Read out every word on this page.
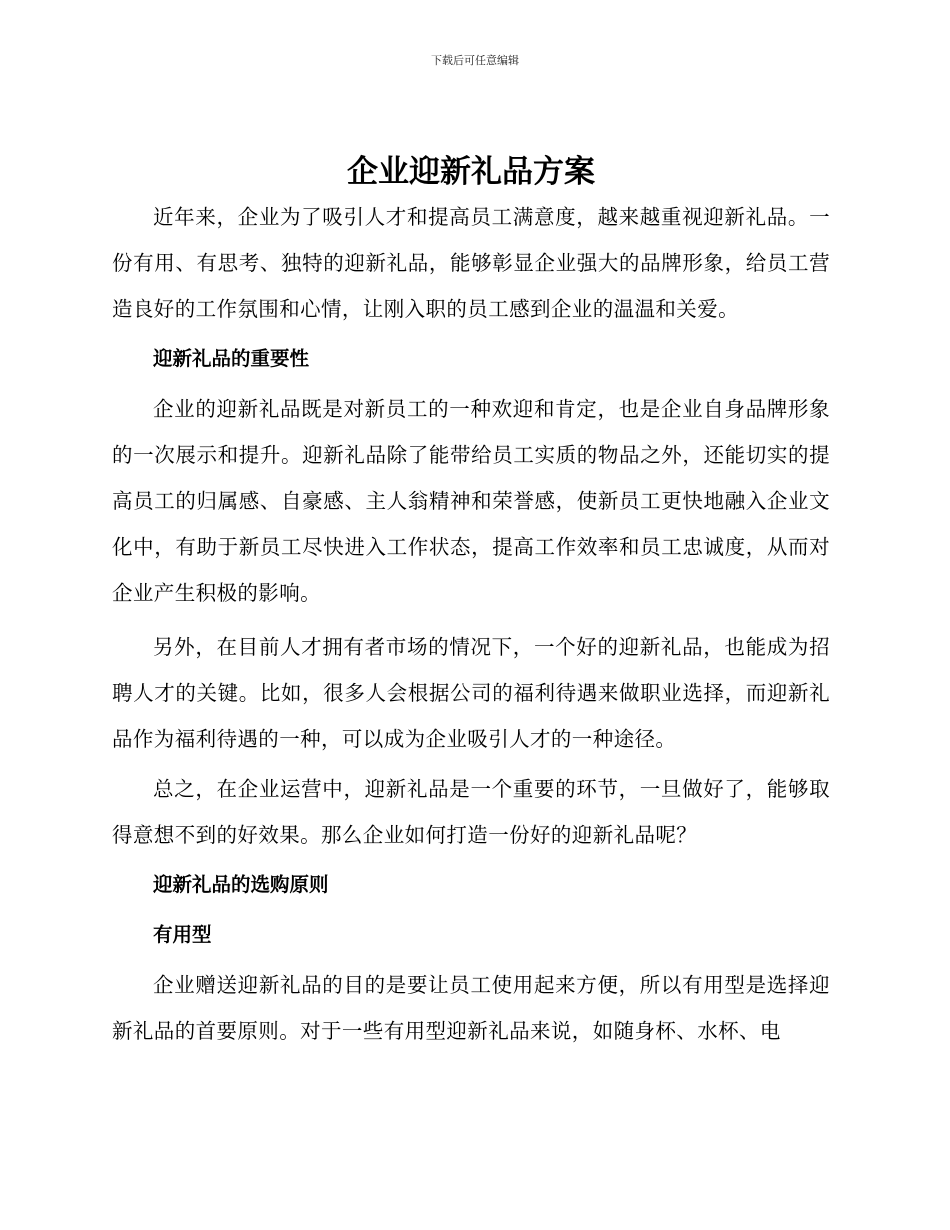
下载后可任意编辑
企业迎新礼品方案

近年来，企业为了吸引人才和提高员工满意度，越来越重视迎新礼品。一份有用、有思考、独特的迎新礼品，能够彰显企业强大的品牌形象，给员工营造良好的工作氛围和心情，让刚入职的员工感到企业的温温和关爱。

迎新礼品的重要性

企业的迎新礼品既是对新员工的一种欢迎和肯定，也是企业自身品牌形象的一次展示和提升。迎新礼品除了能带给员工实质的物品之外，还能切实的提高员工的归属感、自豪感、主人翁精神和荣誉感，使新员工更快地融入企业文化中，有助于新员工尽快进入工作状态，提高工作效率和员工忠诚度，从而对企业产生积极的影响。

另外，在目前人才拥有者市场的情况下，一个好的迎新礼品，也能成为招聘人才的关键。比如，很多人会根据公司的福利待遇来做职业选择，而迎新礼品作为福利待遇的一种，可以成为企业吸引人才的一种途径。

总之，在企业运营中，迎新礼品是一个重要的环节，一旦做好了，能够取得意想不到的好效果。那么企业如何打造一份好的迎新礼品呢？

迎新礼品的选购原则
有用型

企业赠送迎新礼品的目的是要让员工使用起来方便，所以有用型是选择迎新礼品的首要原则。对于一些有用型迎新礼品来说，如随身杯、水杯、电
